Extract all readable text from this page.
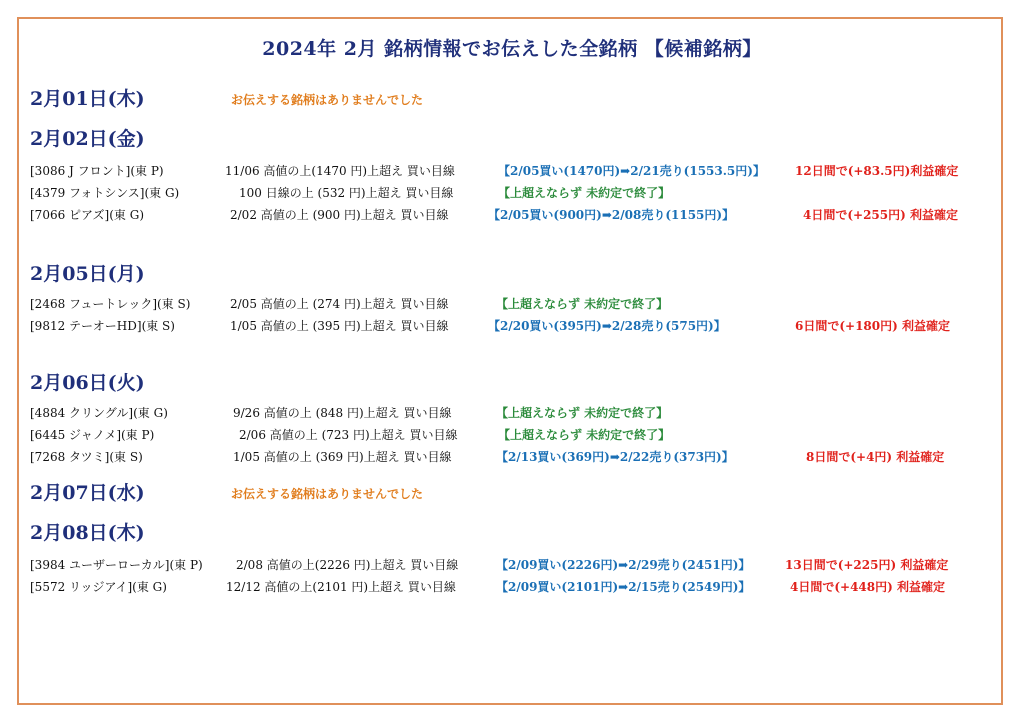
2024年 2月 銘柄情報でお伝えした全銘柄 【候補銘柄】
2月01日(木)	お伝えする銘柄はありませんでした
2月02日(金)
[3086 J フロント](東 P)	11/06 高値の上(1470 円)上超え 買い目線	【2/05買い(1470円)➡2/21売り(1553.5円)】	12日間で(+83.5円)利益確定
[4379 フォトシンス](東 G)	100 日線の上 (532 円)上超え 買い目線	【上超えならず 未約定で終了】
[7066 ピアズ](東 G)	2/02 高値の上 (900 円)上超え 買い目線	【2/05買い(900円)➡2/08売り(1155円)】	4日間で(+255円) 利益確定
2月05日(月)
[2468 フュートレック](東 S)	2/05 高値の上 (274 円)上超え 買い目線	【上超えならず 未約定で終了】
[9812 テーオーHD](東 S)	1/05 高値の上 (395 円)上超え 買い目線	【2/20買い(395円)➡2/28売り(575円)】	6日間で(+180円) 利益確定
2月06日(火)
[4884 クリングル](東 G)	9/26 高値の上 (848 円)上超え 買い目線	【上超えならず 未約定で終了】
[6445 ジャノメ](東 P)	2/06 高値の上 (723 円)上超え 買い目線	【上超えならず 未約定で終了】
[7268 タツミ](東 S)	1/05 高値の上 (369 円)上超え 買い目線	【2/13買い(369円)➡2/22売り(373円)】	8日間で(+4円) 利益確定
2月07日(水)	お伝えする銘柄はありませんでした
2月08日(木)
[3984 ユーザーローカル](東 P)	2/08 高値の上(2226 円)上超え 買い目線	【2/09買い(2226円)➡2/29売り(2451円)】	13日間で(+225円) 利益確定
[5572 リッジアイ](東 G)	12/12 高値の上(2101 円)上超え 買い目線	【2/09買い(2101円)➡2/15売り(2549円)】	4日間で(+448円) 利益確定
